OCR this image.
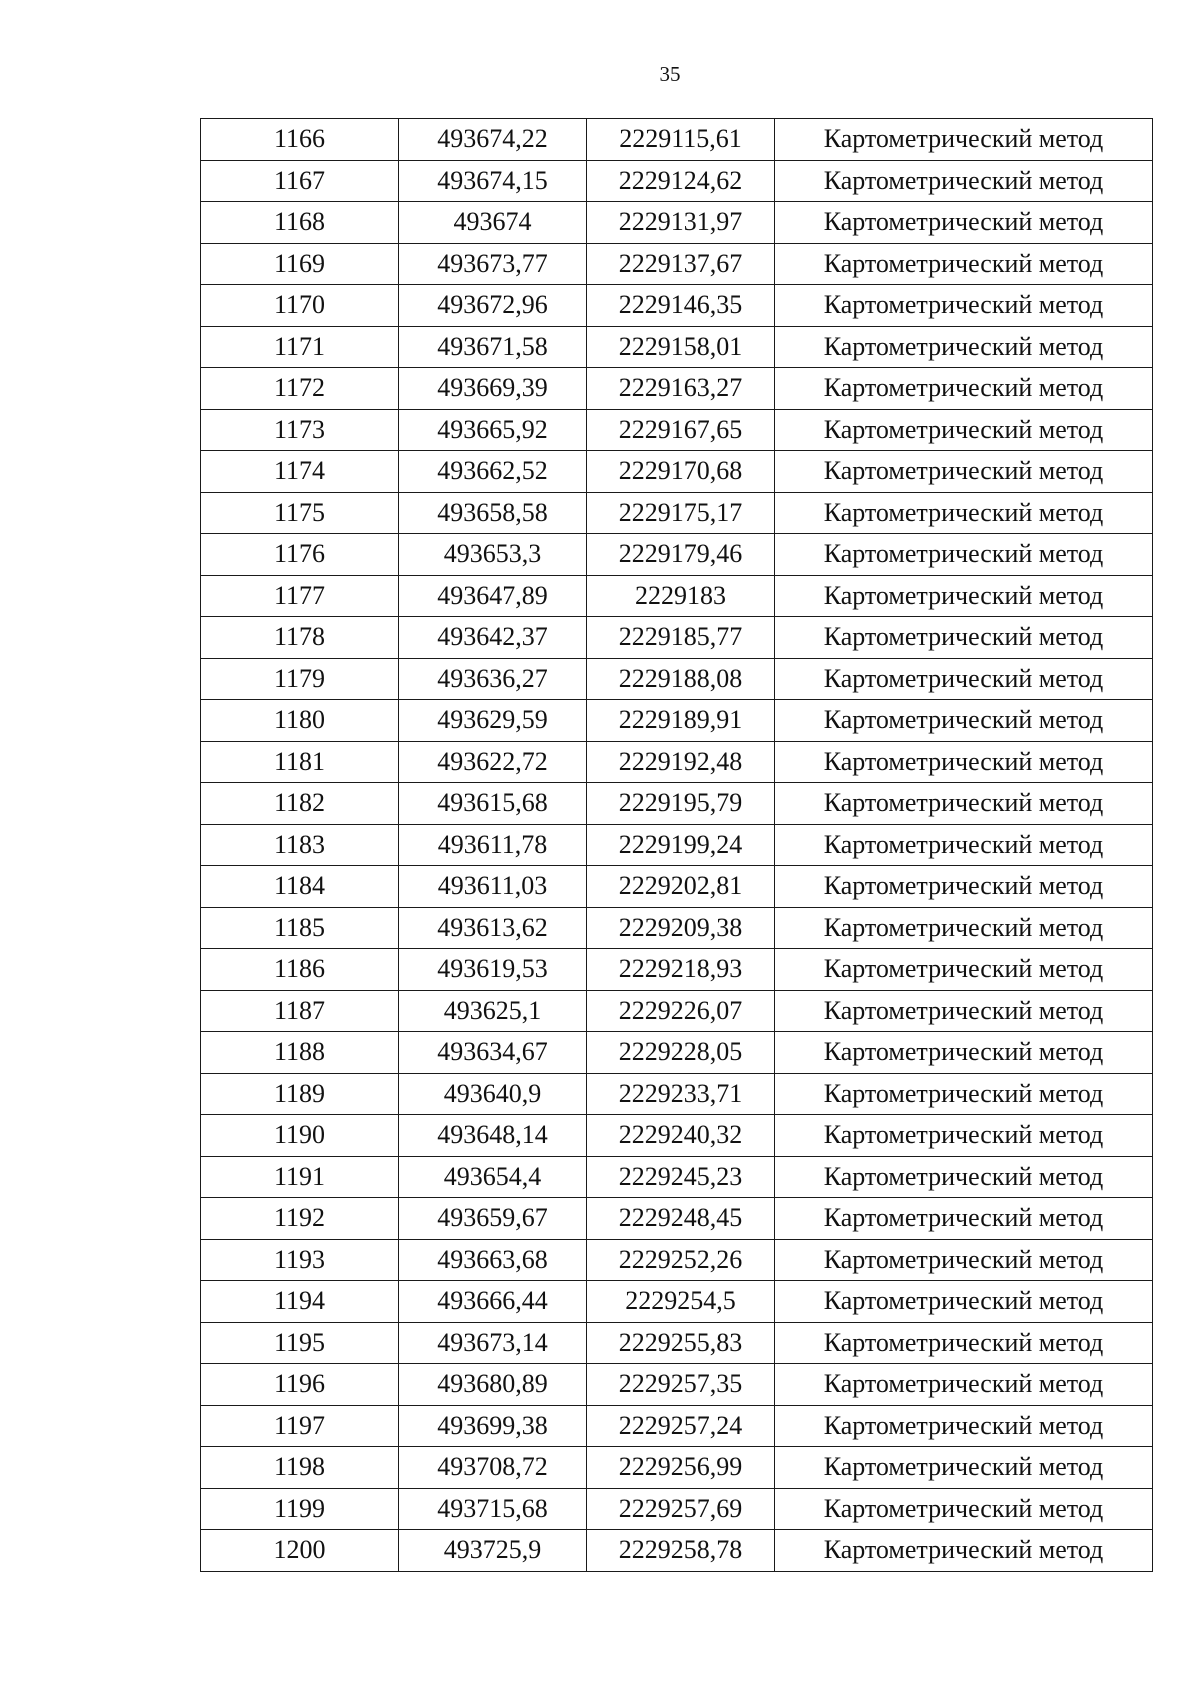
35
1166	493674,22	2229115,61	Картометрический метод
1167	493674,15	2229124,62	Картометрический метод
1168	493674	2229131,97	Картометрический метод
1169	493673,77	2229137,67	Картометрический метод
1170	493672,96	2229146,35	Картометрический метод
1171	493671,58	2229158,01	Картометрический метод
1172	493669,39	2229163,27	Картометрический метод
1173	493665,92	2229167,65	Картометрический метод
1174	493662,52	2229170,68	Картометрический метод
1175	493658,58	2229175,17	Картометрический метод
1176	493653,3	2229179,46	Картометрический метод
1177	493647,89	2229183	Картометрический метод
1178	493642,37	2229185,77	Картометрический метод
1179	493636,27	2229188,08	Картометрический метод
1180	493629,59	2229189,91	Картометрический метод
1181	493622,72	2229192,48	Картометрический метод
1182	493615,68	2229195,79	Картометрический метод
1183	493611,78	2229199,24	Картометрический метод
1184	493611,03	2229202,81	Картометрический метод
1185	493613,62	2229209,38	Картометрический метод
1186	493619,53	2229218,93	Картометрический метод
1187	493625,1	2229226,07	Картометрический метод
1188	493634,67	2229228,05	Картометрический метод
1189	493640,9	2229233,71	Картометрический метод
1190	493648,14	2229240,32	Картометрический метод
1191	493654,4	2229245,23	Картометрический метод
1192	493659,67	2229248,45	Картометрический метод
1193	493663,68	2229252,26	Картометрический метод
1194	493666,44	2229254,5	Картометрический метод
1195	493673,14	2229255,83	Картометрический метод
1196	493680,89	2229257,35	Картометрический метод
1197	493699,38	2229257,24	Картометрический метод
1198	493708,72	2229256,99	Картометрический метод
1199	493715,68	2229257,69	Картометрический метод
1200	493725,9	2229258,78	Картометрический метод
